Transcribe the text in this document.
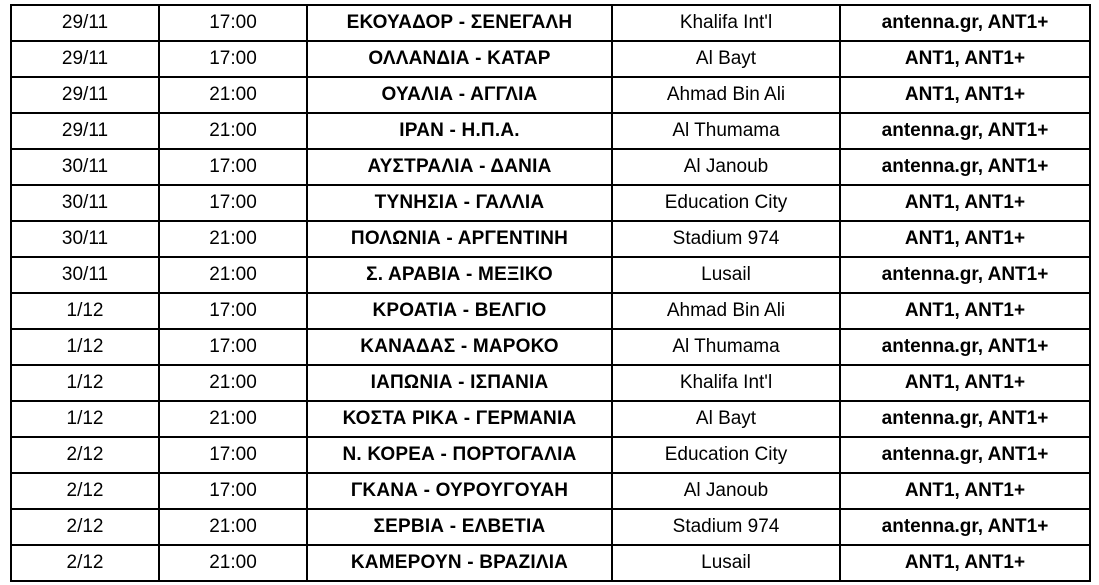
29/11	17:00	ΕΚΟΥΑΔΟΡ - ΣΕΝΕΓΑΛΗ	Khalifa Int'l	antenna.gr, ANT1+
29/11	17:00	ΟΛΛΑΝΔΙΑ - ΚΑΤΑΡ	Al Bayt	ANT1, ANT1+
29/11	21:00	ΟΥΑΛΙΑ - ΑΓΓΛΙΑ	Ahmad Bin Ali	ANT1, ANT1+
29/11	21:00	ΙΡΑΝ - Η.Π.Α.	Al Thumama	antenna.gr, ANT1+
30/11	17:00	ΑΥΣΤΡΑΛΙΑ - ΔΑΝΙΑ	Al Janoub	antenna.gr, ANT1+
30/11	17:00	ΤΥΝΗΣΙΑ - ΓΑΛΛΙΑ	Education City	ANT1, ANT1+
30/11	21:00	ΠΟΛΩΝΙΑ - ΑΡΓΕΝΤΙΝΗ	Stadium 974	ANT1, ANT1+
30/11	21:00	Σ. ΑΡΑΒΙΑ - ΜΕΞΙΚΟ	Lusail	antenna.gr, ANT1+
1/12	17:00	ΚΡΟΑΤΙΑ - ΒΕΛΓΙΟ	Ahmad Bin Ali	ANT1, ANT1+
1/12	17:00	ΚΑΝΑΔΑΣ - ΜΑΡΟΚΟ	Al Thumama	antenna.gr, ANT1+
1/12	21:00	ΙΑΠΩΝΙΑ - ΙΣΠΑΝΙΑ	Khalifa Int'l	ANT1, ANT1+
1/12	21:00	ΚΟΣΤΑ ΡΙΚΑ - ΓΕΡΜΑΝΙΑ	Al Bayt	antenna.gr, ANT1+
2/12	17:00	Ν. ΚΟΡΕΑ - ΠΟΡΤΟΓΑΛΙΑ	Education City	antenna.gr, ANT1+
2/12	17:00	ΓΚΑΝΑ - ΟΥΡΟΥΓΟΥΑΗ	Al Janoub	ANT1, ANT1+
2/12	21:00	ΣΕΡΒΙΑ - ΕΛΒΕΤΙΑ	Stadium 974	antenna.gr, ANT1+
2/12	21:00	ΚΑΜΕΡΟΥΝ - ΒΡΑΖΙΛΙΑ	Lusail	ANT1, ANT1+
